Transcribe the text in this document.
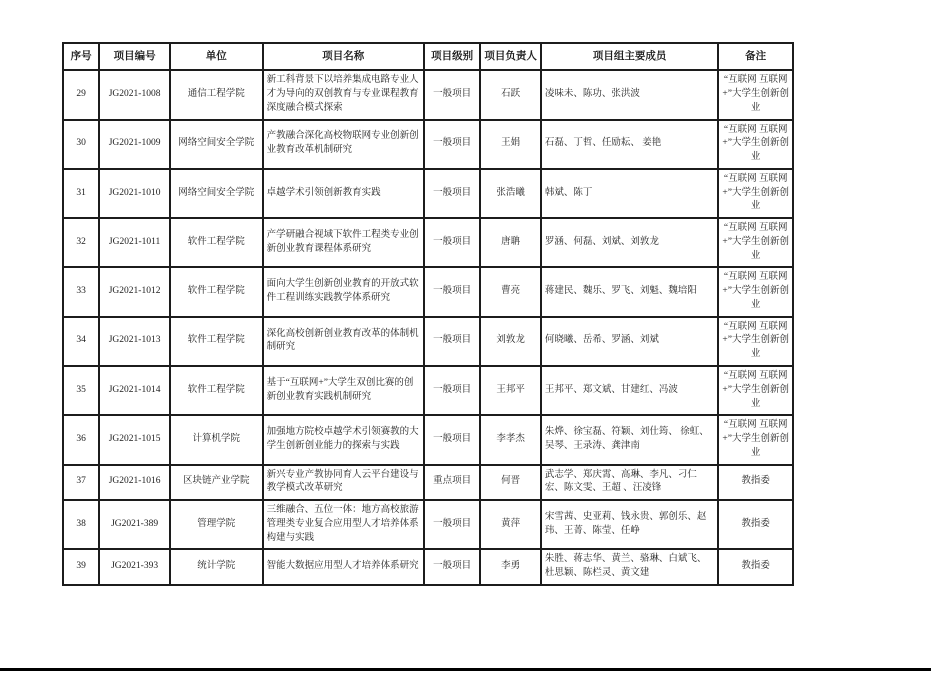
序号	项目编号	单位	项目名称	项目级别	项目负责人	项目组主要成员	备注
29	JG2021-1008	通信工程学院	新工科背景下以培养集成电路专业人才为导向的双创教育与专业课程教育深度融合模式探索	一般项目	石跃	凌味未、陈功、张洪波	“互联网 互联网+”大学生创新创业
30	JG2021-1009	网络空间安全学院	产教融合深化高校物联网专业创新创业教育改革机制研究	一般项目	王娟	石磊、丁哲、任励耘、 姜艳	“互联网 互联网+”大学生创新创业
31	JG2021-1010	网络空间安全学院	卓越学术引领创新教育实践	一般项目	张浩曦	韩斌、陈丁	“互联网 互联网+”大学生创新创业
32	JG2021-1011	软件工程学院	产学研融合视域下软件工程类专业创新创业教育课程体系研究	一般项目	唐聃	罗涵、何磊、刘斌、刘敦龙	“互联网 互联网+”大学生创新创业
33	JG2021-1012	软件工程学院	面向大学生创新创业教育的开放式软件工程训练实践教学体系研究	一般项目	曹亮	蒋建民、魏乐、罗飞、刘魁、魏培阳	“互联网 互联网+”大学生创新创业
34	JG2021-1013	软件工程学院	深化高校创新创业教育改革的体制机制研究	一般项目	刘敦龙	何晓曦、岳希、罗涵、刘斌	“互联网 互联网+”大学生创新创业
35	JG2021-1014	软件工程学院	基于“互联网+”大学生双创比赛的创新创业教育实践机制研究	一般项目	王邦平	王邦平、郑文斌、甘建红、冯波	“互联网 互联网+”大学生创新创业
36	JG2021-1015	计算机学院	加强地方院校卓越学术引领赛教的大学生创新创业能力的探索与实践	一般项目	李孝杰	朱烨、徐宝磊、符颖、刘仕筠、 徐虹、吴琴、王录涛、龚津南	“互联网 互联网+”大学生创新创业
37	JG2021-1016	区块链产业学院	新兴专业产教协同育人云平台建设与教学模式改革研究	重点项目	何晋	武志学、郑庆霄、高琳、李凡、刁仁宏、陈文雯、王超 、汪凌锋	教指委
38	JG2021-389	管理学院	三维融合、五位一体：地方高校旅游管理类专业复合应用型人才培养体系构建与实践	一般项目	黄萍	宋雪茜、史亚莉、钱永贵、郭创乐、赵玮、王菁、陈莹、任峥	教指委
39	JG2021-393	统计学院	智能大数据应用型人才培养体系研究	一般项目	李勇	朱胜、蒋志华、黄兰、骆琳、白斌飞、杜思颖、陈栏灵、黄文建	教指委
